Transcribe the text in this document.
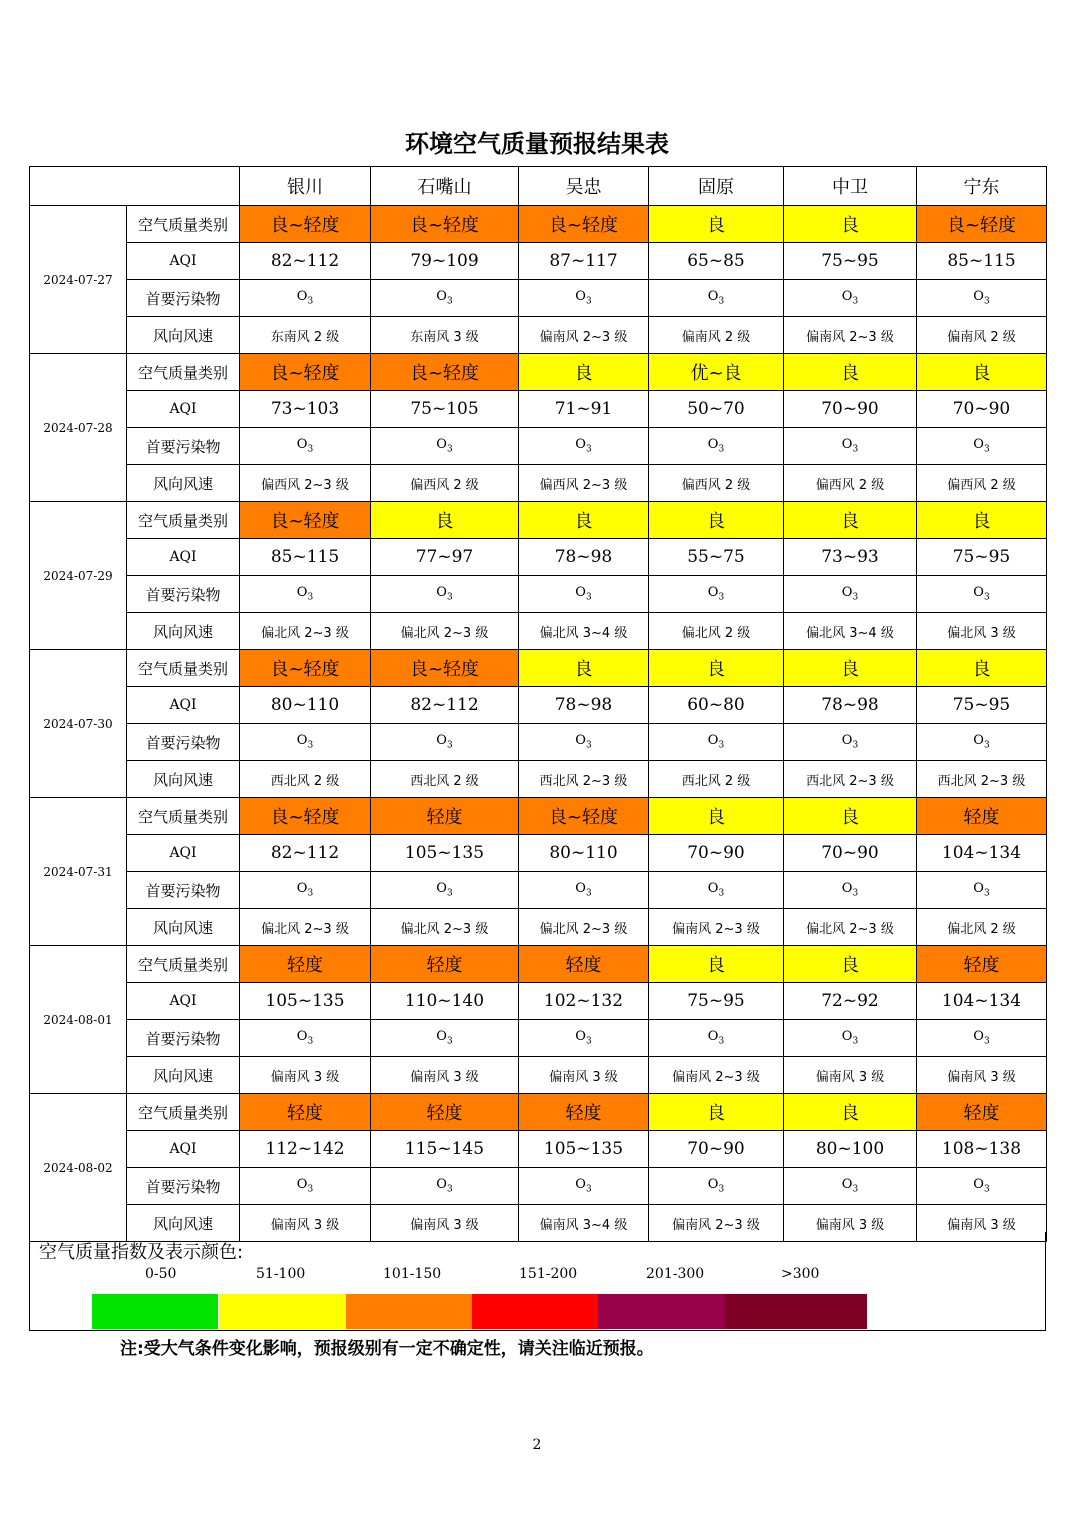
环境空气质量预报结果表
		银川	石嘴山	吴忠	固原	中卫	宁东
2024-07-27	空气质量类别	良~轻度	良~轻度	良~轻度	良	良	良~轻度
	AQI	82~112	79~109	87~117	65~85	75~95	85~115
	首要污染物	$O_3$	$O_3$	$O_3$	$O_3$	$O_3$	$O_3$
	风向风速	东南风 2 级	东南风 3 级	偏南风 2~3 级	偏南风 2 级	偏南风 2~3 级	偏南风 2 级
2024-07-28	空气质量类别	良~轻度	良~轻度	良	优~良	良	良
	AQI	73~103	75~105	71~91	50~70	70~90	70~90
	首要污染物	$O_3$	$O_3$	$O_3$	$O_3$	$O_3$	$O_3$
	风向风速	偏西风 2~3 级	偏西风 2 级	偏西风 2~3 级	偏西风 2 级	偏西风 2 级	偏西风 2 级
2024-07-29	空气质量类别	良~轻度	良	良	良	良	良
	AQI	85~115	77~97	78~98	55~75	73~93	75~95
	首要污染物	$O_3$	$O_3$	$O_3$	$O_3$	$O_3$	$O_3$
	风向风速	偏北风 2~3 级	偏北风 2~3 级	偏北风 3~4 级	偏北风 2 级	偏北风 3~4 级	偏北风 3 级
2024-07-30	空气质量类别	良~轻度	良~轻度	良	良	良	良
	AQI	80~110	82~112	78~98	60~80	78~98	75~95
	首要污染物	$O_3$	$O_3$	$O_3$	$O_3$	$O_3$	$O_3$
	风向风速	西北风 2 级	西北风 2 级	西北风 2~3 级	西北风 2 级	西北风 2~3 级	西北风 2~3 级
2024-07-31	空气质量类别	良~轻度	轻度	良~轻度	良	良	轻度
	AQI	82~112	105~135	80~110	70~90	70~90	104~134
	首要污染物	$O_3$	$O_3$	$O_3$	$O_3$	$O_3$	$O_3$
	风向风速	偏北风 2~3 级	偏北风 2~3 级	偏北风 2~3 级	偏南风 2~3 级	偏北风 2~3 级	偏北风 2 级
2024-08-01	空气质量类别	轻度	轻度	轻度	良	良	轻度
	AQI	105~135	110~140	102~132	75~95	72~92	104~134
	首要污染物	$O_3$	$O_3$	$O_3$	$O_3$	$O_3$	$O_3$
	风向风速	偏南风 3 级	偏南风 3 级	偏南风 3 级	偏南风 2~3 级	偏南风 3 级	偏南风 3 级
2024-08-02	空气质量类别	轻度	轻度	轻度	良	良	轻度
	AQI	112~142	115~145	105~135	70~90	80~100	108~138
	首要污染物	$O_3$	$O_3$	$O_3$	$O_3$	$O_3$	$O_3$
	风向风速	偏南风 3 级	偏南风 3 级	偏南风 3~4 级	偏南风 2~3 级	偏南风 3 级	偏南风 3 级
空气质量指数及表示颜色:
0-50	51-100	101-150	151-200	201-300	>300
注:受大气条件变化影响，预报级别有一定不确定性，请关注临近预报。
2
